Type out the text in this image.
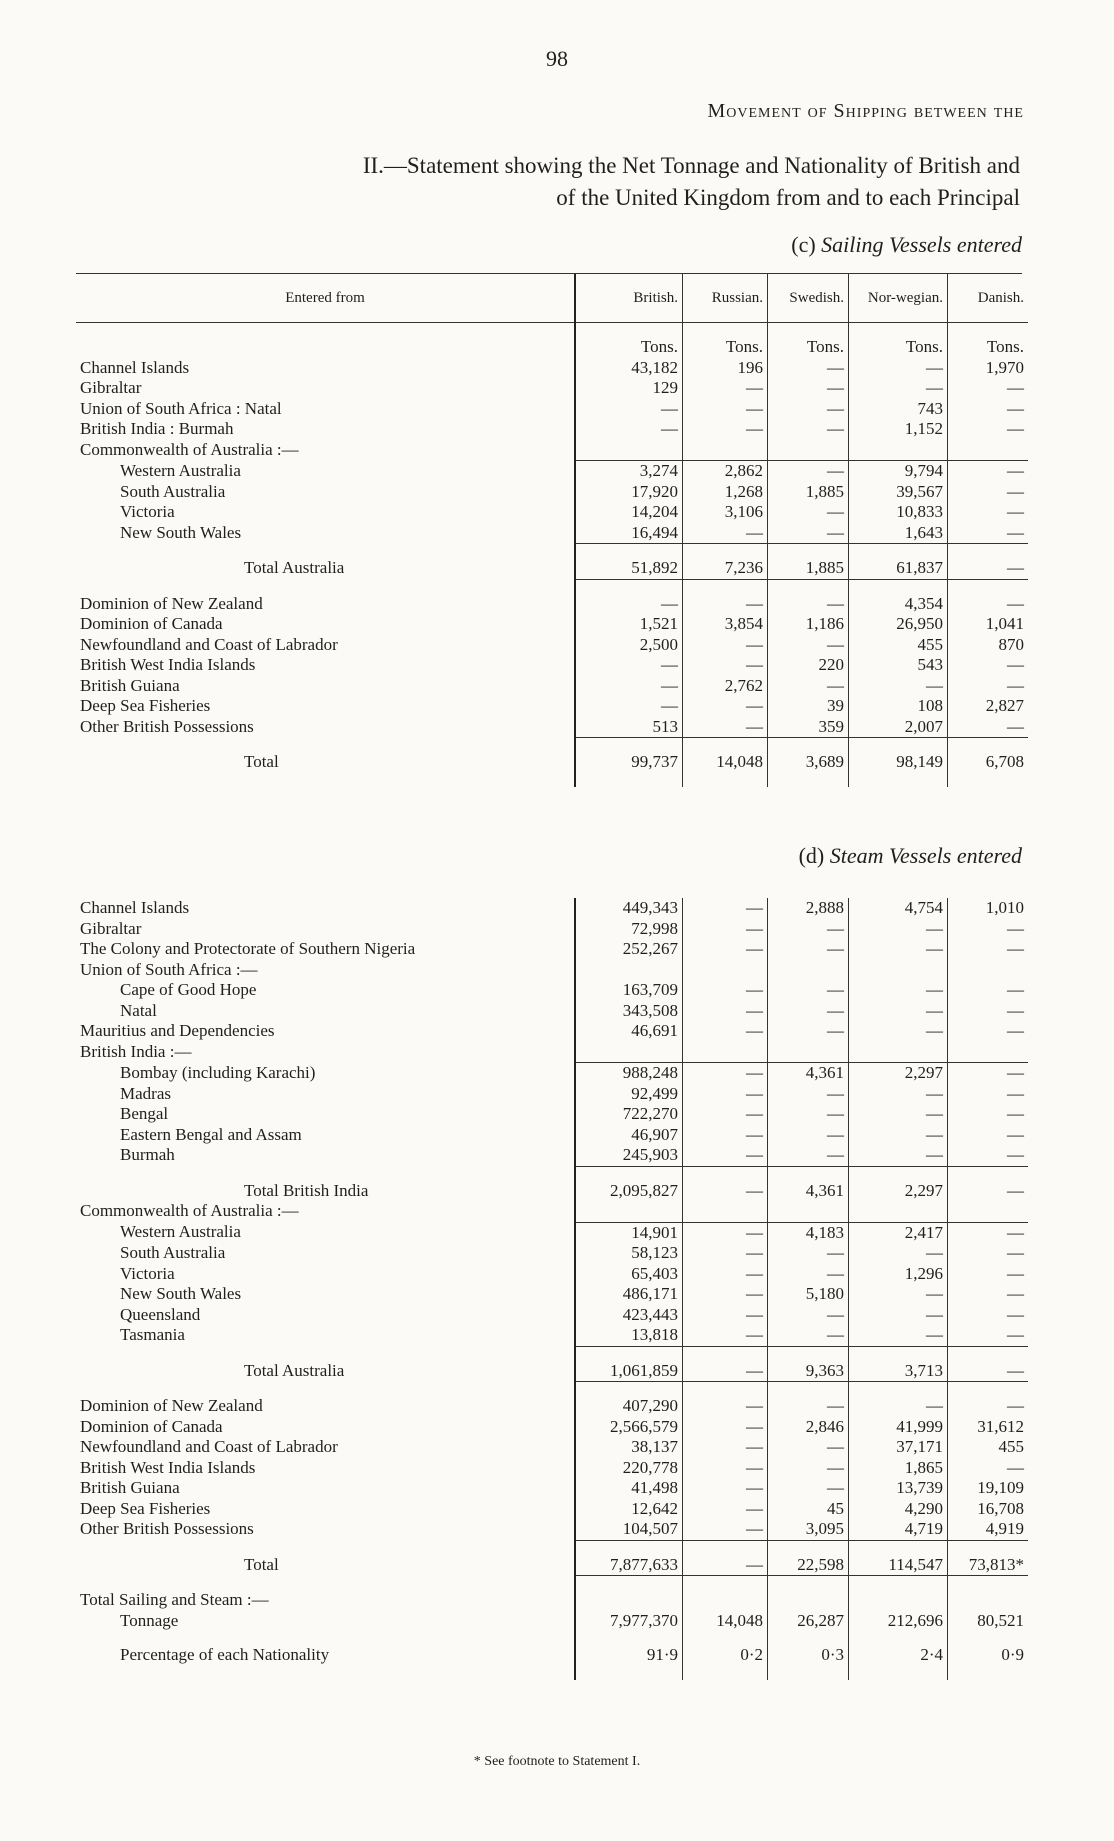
98
Movement of Shipping between the
II.—Statement showing the Net Tonnage and Nationality of British and
of the United Kingdom from and to each Principal
(c) Sailing Vessels entered
Entered from	British.	Russian.	Swedish.	Nor-wegian.	Danish.

	Tons.	Tons.	Tons.	Tons.	Tons.
Channel Islands	43,182	196	—	—	1,970
Gibraltar	129	—	—	—	—
Union of South Africa : Natal	—	—	—	743	—
British India : Burmah	—	—	—	1,152	—
Commonwealth of Australia :—					
Western Australia	3,274	2,862	—	9,794	—
South Australia	17,920	1,268	1,885	39,567	—
Victoria	14,204	3,106	—	10,833	—
New South Wales	16,494	—	—	1,643	—

Total Australia	51,892	7,236	1,885	61,837	—

Dominion of New Zealand	—	—	—	4,354	—
Dominion of Canada	1,521	3,854	1,186	26,950	1,041
Newfoundland and Coast of Labrador	2,500	—	—	455	870
British West India Islands	—	—	220	543	—
British Guiana	—	2,762	—	—	—
Deep Sea Fisheries	—	—	39	108	2,827
Other British Possessions	513	—	359	2,007	—

Total	99,737	14,048	3,689	98,149	6,708

(d) Steam Vessels entered
Channel Islands	449,343	—	2,888	4,754	1,010
Gibraltar	72,998	—	—	—	—
The Colony and Protectorate of Southern Nigeria	252,267	—	—	—	—
Union of South Africa :—					
Cape of Good Hope	163,709	—	—	—	—
Natal	343,508	—	—	—	—
Mauritius and Dependencies	46,691	—	—	—	—
British India :—					
Bombay (including Karachi)	988,248	—	4,361	2,297	—
Madras	92,499	—	—	—	—
Bengal	722,270	—	—	—	—
Eastern Bengal and Assam	46,907	—	—	—	—
Burmah	245,903	—	—	—	—

Total British India	2,095,827	—	4,361	2,297	—
Commonwealth of Australia :—					
Western Australia	14,901	—	4,183	2,417	—
South Australia	58,123	—	—	—	—
Victoria	65,403	—	—	1,296	—
New South Wales	486,171	—	5,180	—	—
Queensland	423,443	—	—	—	—
Tasmania	13,818	—	—	—	—

Total Australia	1,061,859	—	9,363	3,713	—

Dominion of New Zealand	407,290	—	—	—	—
Dominion of Canada	2,566,579	—	2,846	41,999	31,612
Newfoundland and Coast of Labrador	38,137	—	—	37,171	455
British West India Islands	220,778	—	—	1,865	—
British Guiana	41,498	—	—	13,739	19,109
Deep Sea Fisheries	12,642	—	45	4,290	16,708
Other British Possessions	104,507	—	3,095	4,719	4,919

Total	7,877,633	—	22,598	114,547	73,813*

Total Sailing and Steam :—					
Tonnage	7,977,370	14,048	26,287	212,696	80,521

Percentage of each Nationality	91·9	0·2	0·3	2·4	0·9

* See footnote to Statement I.
